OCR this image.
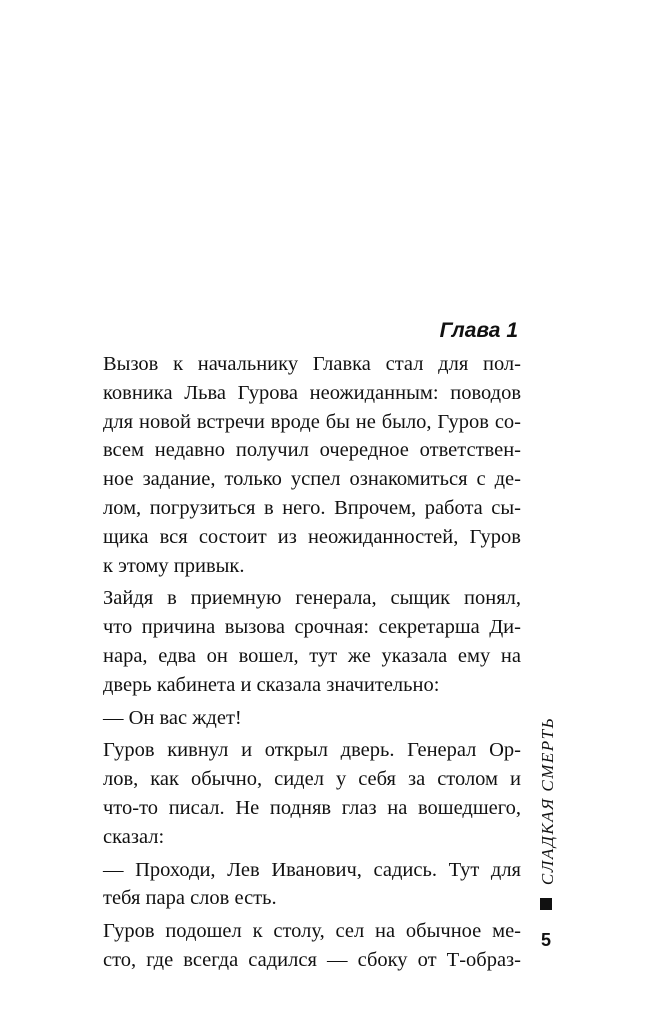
Глава 1
Вызов к начальнику Главка стал для пол-
ковника Льва Гурова неожиданным: поводов
для новой встречи вроде бы не было, Гуров со-
всем недавно получил очередное ответствен-
ное задание, только успел ознакомиться с де-
лом, погрузиться в него. Впрочем, работа сы-
щика вся состоит из неожиданностей, Гуров
к этому привык.
Зайдя в приемную генерала, сыщик понял,
что причина вызова срочная: секретарша Ди-
нара, едва он вошел, тут же указала ему на
дверь кабинета и сказала значительно:
— Он вас ждет!
Гуров кивнул и открыл дверь. Генерал Ор-
лов, как обычно, сидел у себя за столом и
что-то писал. Не подняв глаз на вошедшего,
сказал:
— Проходи, Лев Иванович, садись. Тут для
тебя пара слов есть.
Гуров подошел к столу, сел на обычное ме-
сто, где всегда садился — сбоку от Т-образ-
СЛАДКАЯ СМЕРТЬ
5
